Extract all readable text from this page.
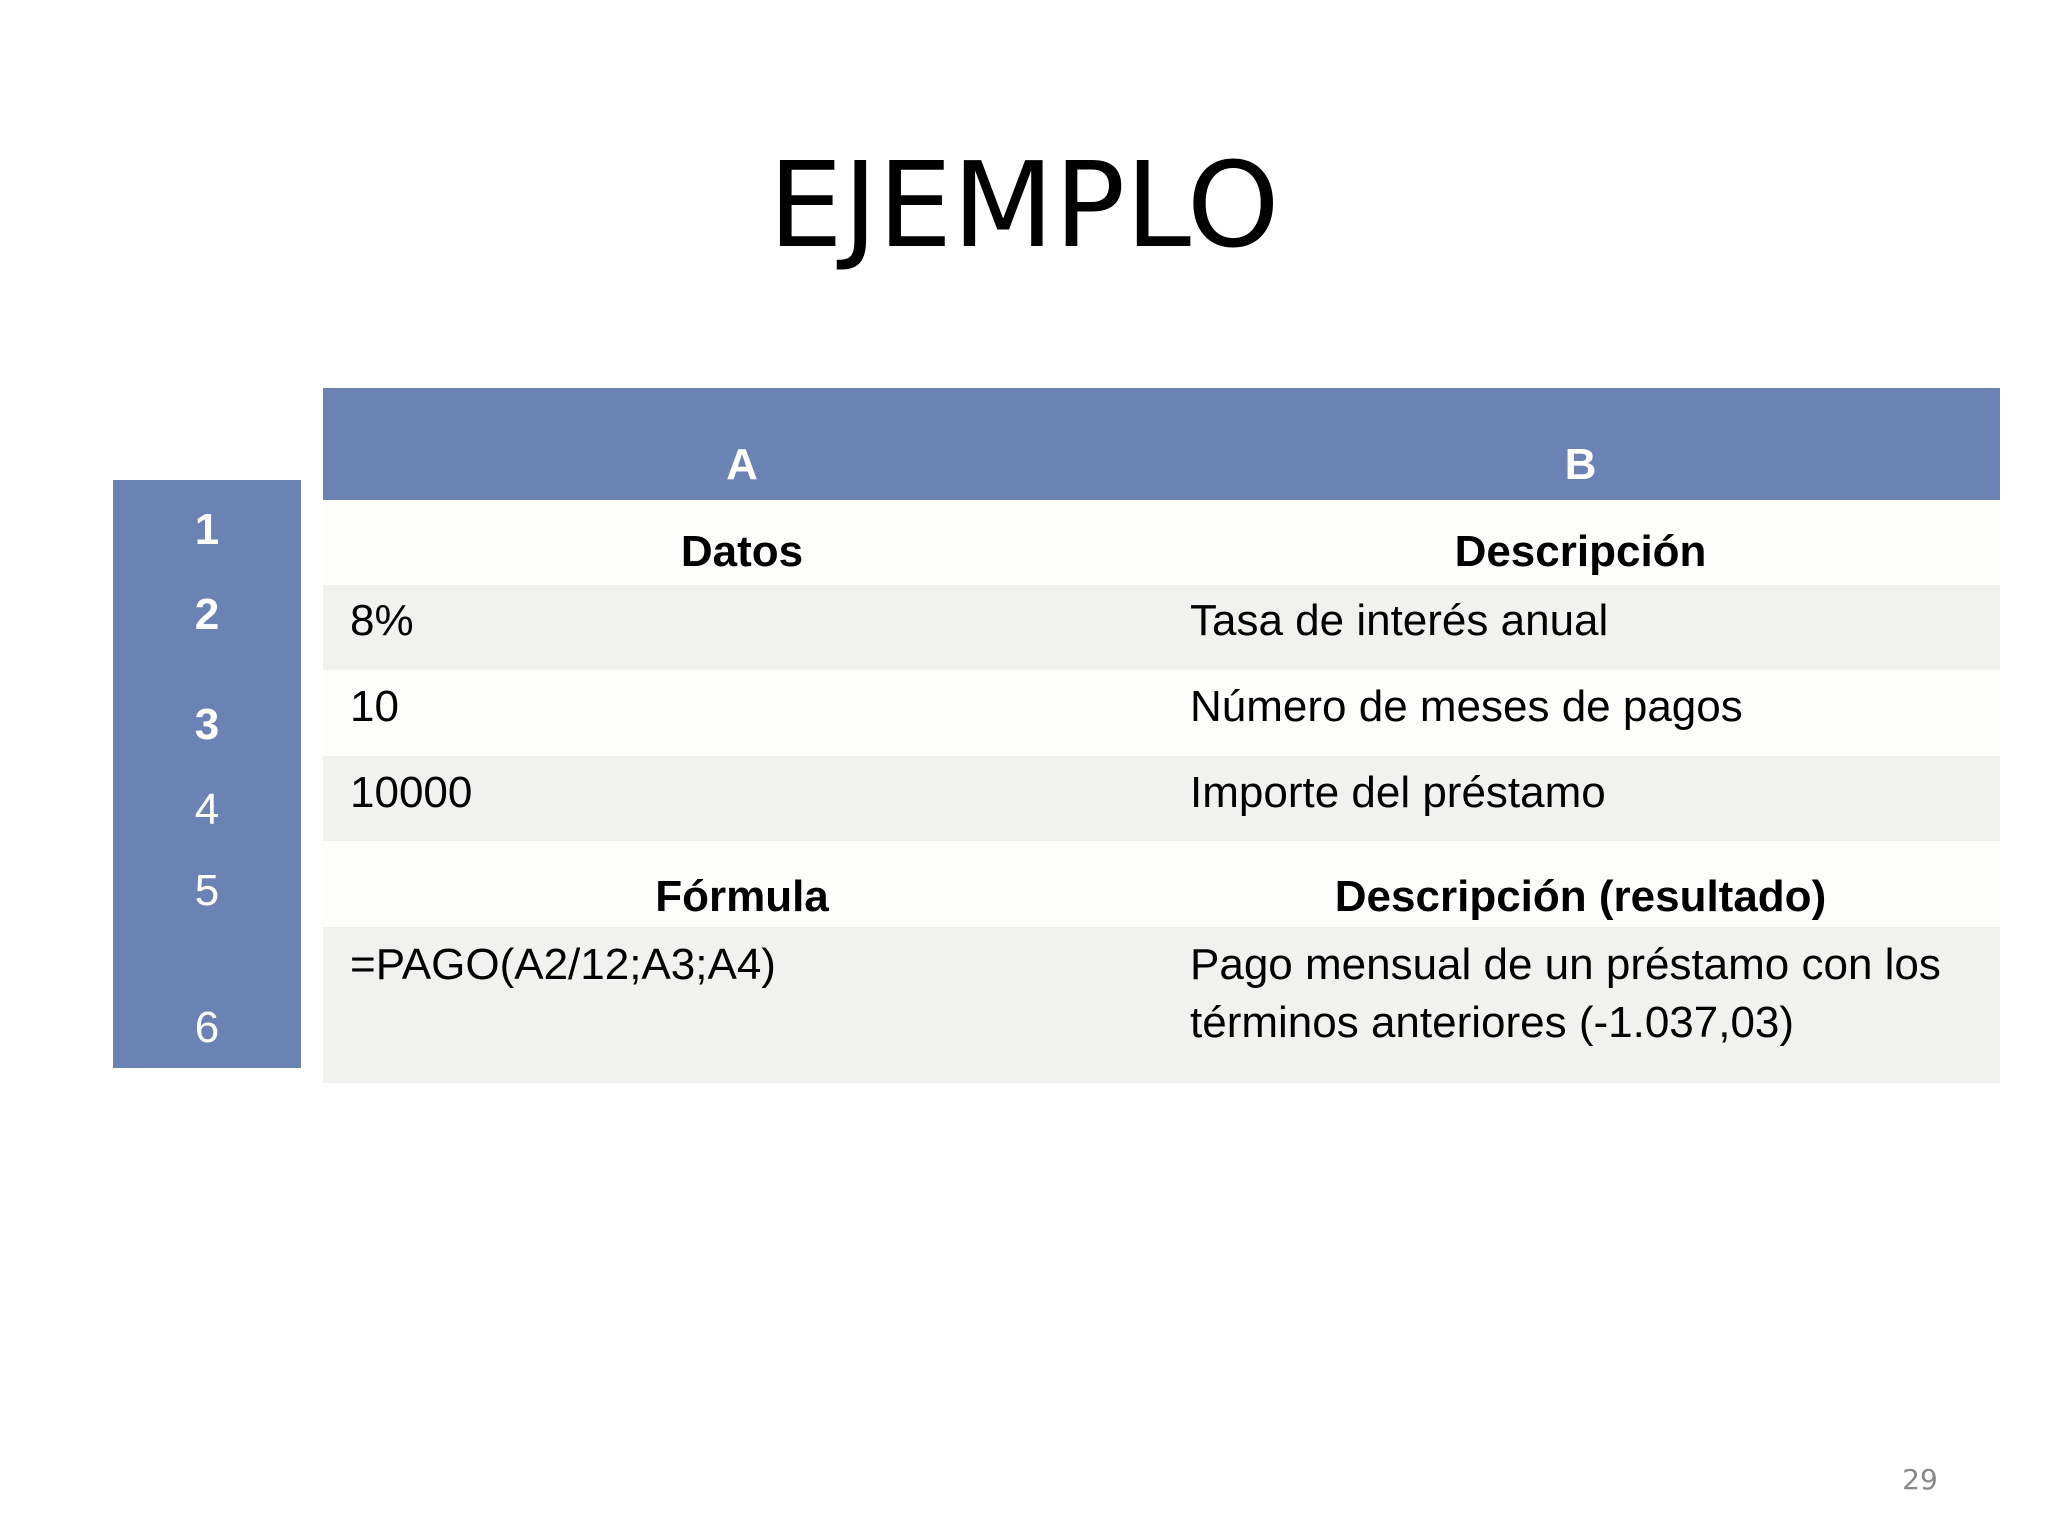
EJEMPLO
1
2
3
4
5
6
A	B
Datos	Descripción
8%	Tasa de interés anual
10	Número de meses de pagos
10000	Importe del préstamo
Fórmula	Descripción (resultado)
=PAGO(A2/12;A3;A4)	Pago mensual de un préstamo con los términos anteriores (-1.037,03)
29
